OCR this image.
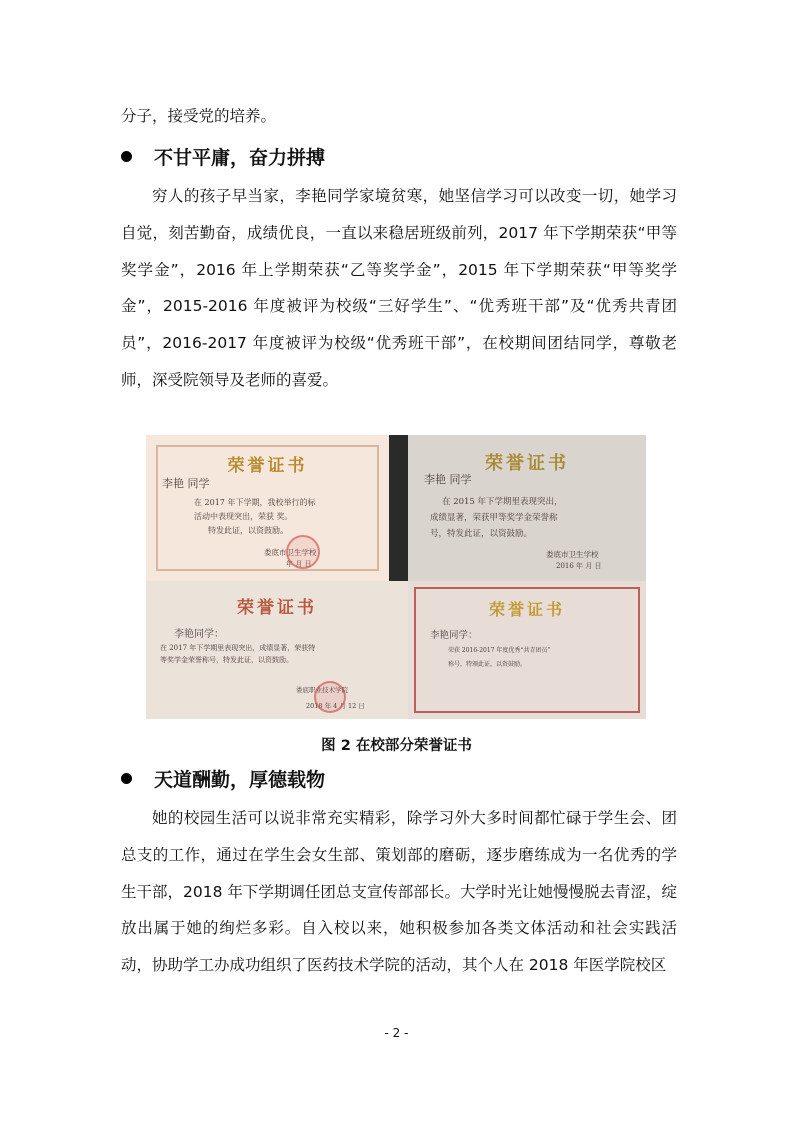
分子，接受党的培养。

不甘平庸，奋力拼搏

穷人的孩子早当家，李艳同学家境贫寒，她坚信学习可以改变一切，她学习自觉，刻苦勤奋，成绩优良，一直以来稳居班级前列，2017 年下学期荣获“甲等奖学金”，2016 年上学期荣获“乙等奖学金”，2015 年下学期荣获“甲等奖学金”，2015-2016 年度被评为校级“三好学生”、“优秀班干部”及“优秀共青团员”，2016-2017 年度被评为校级“优秀班干部”，在校期间团结同学，尊敬老师，深受院领导及老师的喜爱。

荣誉证书
李艳 同学
在 2017 年下学期，我校举行的标
活动中表现突出，荣获 奖。
特发此证，以资鼓励。
娄底市卫生学校
年 月 日
荣誉证书
李艳 同学
在 2015 年下学期里表现突出，
成绩显著，荣获甲等奖学金荣誉称
号，特发此证，以资鼓励。
娄底市卫生学校
2016 年 月 日
荣誉证书
李艳同学：
在 2017 年下学期里表现突出，成绩显著，荣获特
等奖学金荣誉称号，特发此证，以资鼓励。
娄底职业技术学院
2018 年 4 月 12 日
荣誉证书
李艳同学：
荣获 2016-2017 年度优秀“共青团员”
称号，特颁此证，以资鼓励。
图 2 在校部分荣誉证书
天道酬勤，厚德载物

她的校园生活可以说非常充实精彩，除学习外大多时间都忙碌于学生会、团总支的工作，通过在学生会女生部、策划部的磨砺，逐步磨练成为一名优秀的学生干部，2018 年下学期调任团总支宣传部部长。大学时光让她慢慢脱去青涩，绽放出属于她的绚烂多彩。自入校以来，她积极参加各类文体活动和社会实践活动，协助学工办成功组织了医药技术学院的活动，其个人在 2018 年医学院校区

- 2 -
